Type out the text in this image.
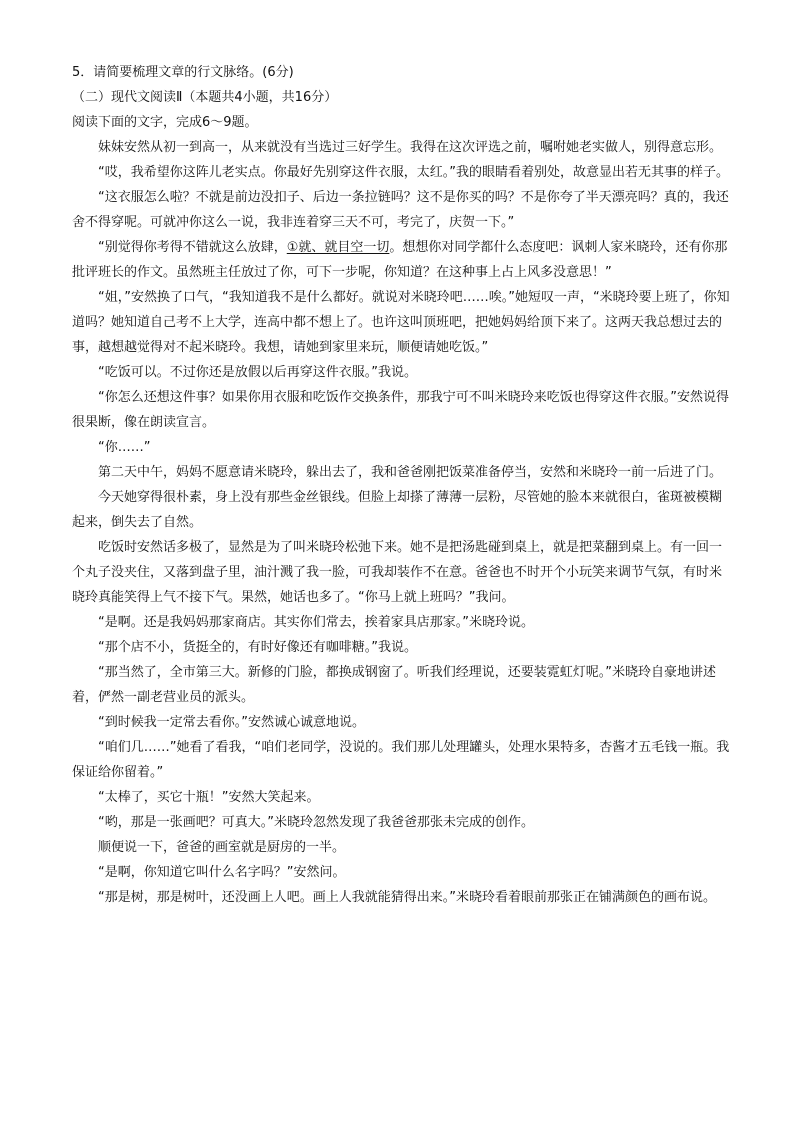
5．请简要梳理文章的行文脉络。(6分)

（二）现代文阅读Ⅱ（本题共4小题，共16分）

阅读下面的文字，完成6～9题。

妹妹安然从初一到高一，从来就没有当选过三好学生。我得在这次评选之前，嘱咐她老实做人，别得意忘形。

“哎，我希望你这阵儿老实点。你最好先别穿这件衣服，太红。”我的眼睛看着别处，故意显出若无其事的样子。

“这衣服怎么啦？不就是前边没扣子、后边一条拉链吗？这不是你买的吗？不是你夸了半天漂亮吗？真的，我还舍不得穿呢。可就冲你这么一说，我非连着穿三天不可，考完了，庆贺一下。”

“别觉得你考得不错就这么放肆，①就、就目空一切。想想你对同学都什么态度吧：讽刺人家米晓玲，还有你那批评班长的作文。虽然班主任放过了你，可下一步呢，你知道？在这种事上占上风多没意思！”

“姐，”安然换了口气，“我知道我不是什么都好。就说对米晓玲吧……唉。”她短叹一声，“米晓玲要上班了，你知道吗？她知道自己考不上大学，连高中都不想上了。也许这叫顶班吧，把她妈妈给顶下来了。这两天我总想过去的事，越想越觉得对不起米晓玲。我想，请她到家里来玩，顺便请她吃饭。”

“吃饭可以。不过你还是放假以后再穿这件衣服。”我说。

“你怎么还想这件事？如果你用衣服和吃饭作交换条件，那我宁可不叫米晓玲来吃饭也得穿这件衣服。”安然说得很果断，像在朗读宣言。

“你……”

第二天中午，妈妈不愿意请米晓玲，躲出去了，我和爸爸刚把饭菜准备停当，安然和米晓玲一前一后进了门。

今天她穿得很朴素，身上没有那些金丝银线。但脸上却搽了薄薄一层粉，尽管她的脸本来就很白，雀斑被模糊起来，倒失去了自然。

吃饭时安然话多极了，显然是为了叫米晓玲松弛下来。她不是把汤匙碰到桌上，就是把菜翻到桌上。有一回一个丸子没夹住，又落到盘子里，油汁溅了我一脸，可我却装作不在意。爸爸也不时开个小玩笑来调节气氛，有时米晓玲真能笑得上气不接下气。果然，她话也多了。“你马上就上班吗？”我问。

“是啊。还是我妈妈那家商店。其实你们常去，挨着家具店那家。”米晓玲说。

“那个店不小，货挺全的，有时好像还有咖啡糖。”我说。

“那当然了，全市第三大。新修的门脸，都换成钢窗了。听我们经理说，还要装霓虹灯呢。”米晓玲自豪地讲述着，俨然一副老营业员的派头。

“到时候我一定常去看你。”安然诚心诚意地说。

“咱们几……”她看了看我，“咱们老同学，没说的。我们那儿处理罐头，处理水果特多，杏酱才五毛钱一瓶。我保证给你留着。”

“太棒了，买它十瓶！”安然大笑起来。

“哟，那是一张画吧？可真大。”米晓玲忽然发现了我爸爸那张未完成的创作。

顺便说一下，爸爸的画室就是厨房的一半。

“是啊，你知道它叫什么名字吗？”安然问。

“那是树，那是树叶，还没画上人吧。画上人我就能猜得出来。”米晓玲看着眼前那张正在铺满颜色的画布说。
